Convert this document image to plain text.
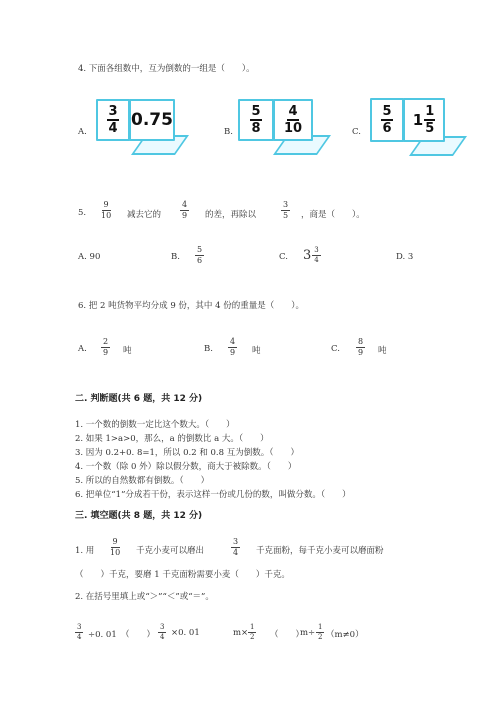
4. 下面各组数中，互为倒数的一组是（　　）。
A. $\frac{3}{4} 0.75$
B. $\frac{5}{8} \frac{4}{10}$	C. $\frac{5}{6} 1 \frac{1}{5}$
5. $\frac{9}{10}$ 减去它的 $\frac{4}{9}$ 的差，再除以	$\frac{3}{5}$ ，商是（　　）。
A. 90	B. $\frac{5}{6}$	C. $3 \frac{3}{4}$	D. 3
6. 把 2 吨货物平均分成 9 份，其中 4 份的重量是（　　）。
A. $\frac{2}{9}$ 吨	B. $\frac{4}{9}$ 吨	C. $\frac{8}{9}$ 吨
二. 判断题(共 6 题，共 12 分)
1. 一个数的倒数一定比这个数大。（　　）
2. 如果 1>a>0，那么，a 的倒数比 a 大。（　　）
3. 因为 0.2+0. 8=1，所以 0.2 和 0.8 互为倒数。（　　）
4. 一个数（除 0 外）除以假分数，商大于被除数。（　　）
5. 所以的自然数都有倒数。（　　）
6. 把单位“1”分成若干份，表示这样一份或几份的数，叫做分数。（　　）
三. 填空题(共 8 题，共 12 分)
1. 用 $\frac{9}{10}$ 千克小麦可以磨出	$\frac{3}{4}$ 千克面粉，每千克小麦可以磨面粉
（　　）千克，要磨 1 千克面粉需要小麦（　　）千克。
2. 在括号里填上或“＞”“＜”或“＝”。
$\frac{3}{4} \div 0$. 01　（　　） $\frac{3}{4} \times 0$. 01	$m\times \frac{1}{2}$ （　　）
$m\div \frac{1}{2} (m\ne 0)$
